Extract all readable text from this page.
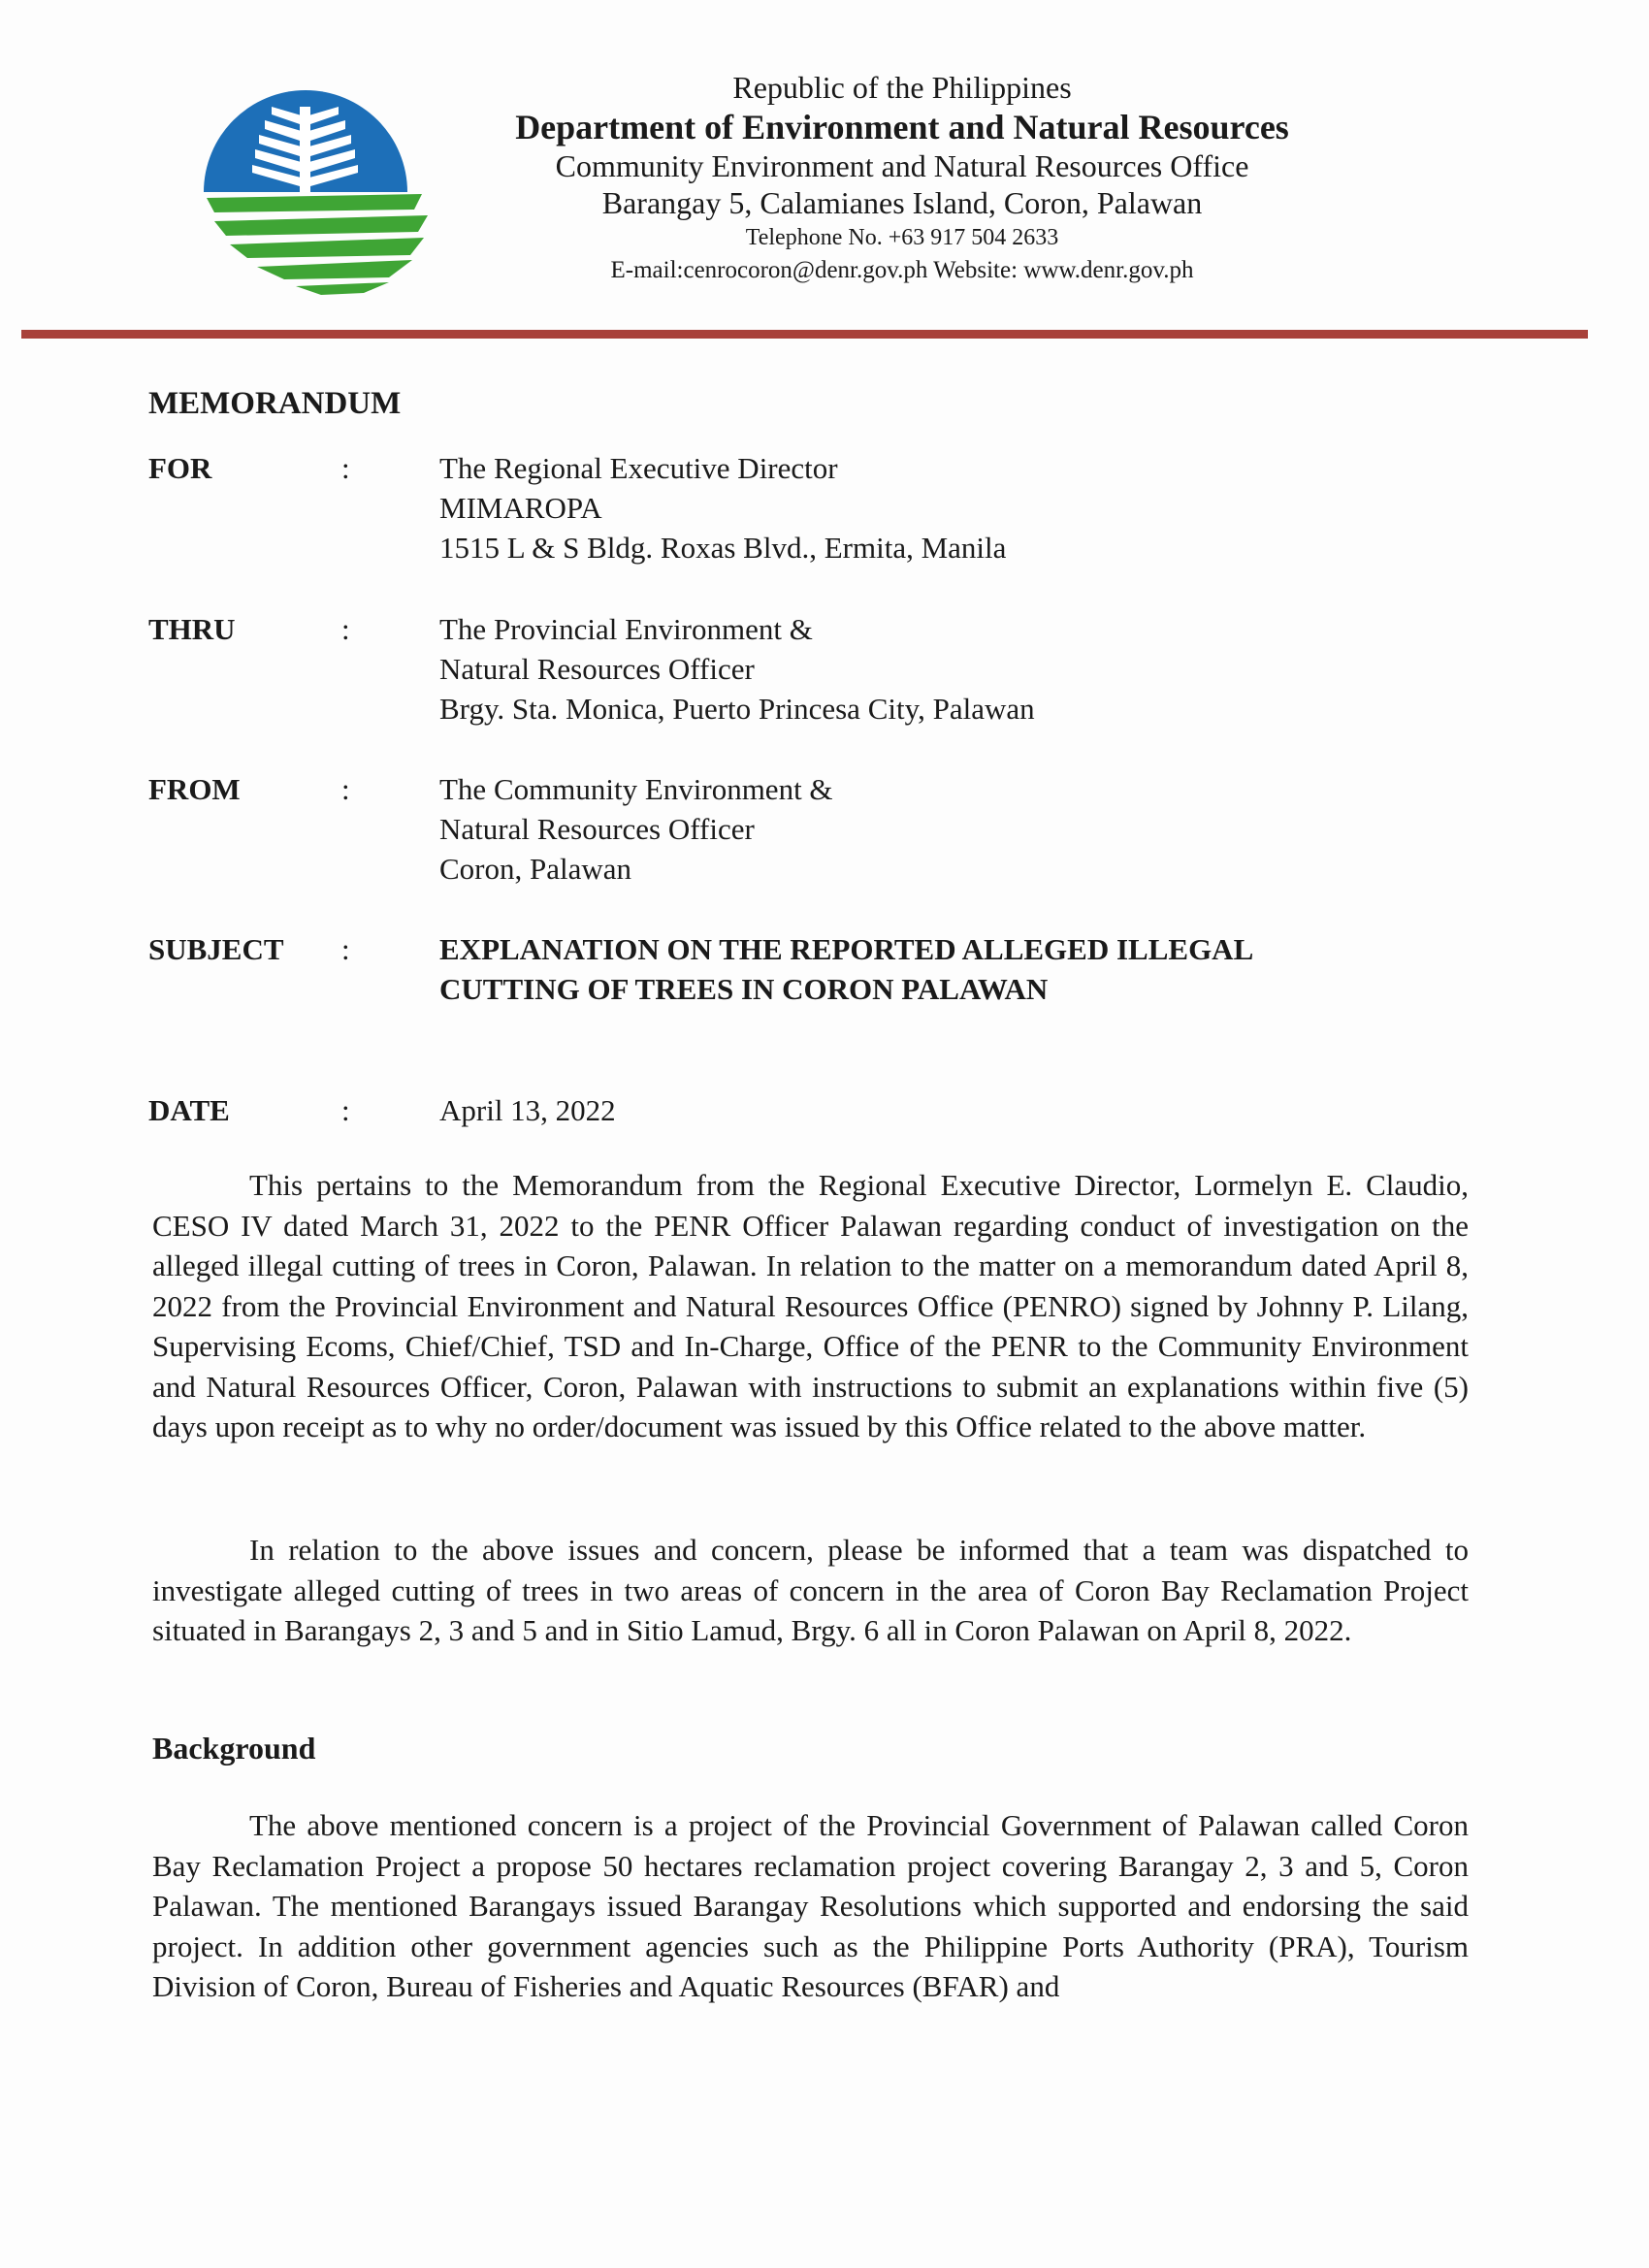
Republic of the Philippines
Department of Environment and Natural Resources
Community Environment and Natural Resources Office
Barangay 5, Calamianes Island, Coron, Palawan
Telephone No. +63 917 504 2633
E-mail:cenrocoron@denr.gov.ph Website: www.denr.gov.ph
MEMORANDUM
FOR	:	The Regional Executive Director
MIMAROPA
1515 L & S Bldg. Roxas Blvd., Ermita, Manila
THRU	:	The Provincial Environment &
Natural Resources Officer
Brgy. Sta. Monica, Puerto Princesa City, Palawan
FROM	:	The Community Environment &
Natural Resources Officer
Coron, Palawan
SUBJECT :	EXPLANATION ON THE REPORTED ALLEGED ILLEGAL
CUTTING OF TREES IN CORON PALAWAN
DATE	:	April 13, 2022

This pertains to the Memorandum from the Regional Executive Director, Lormelyn E. Claudio, CESO IV dated March 31, 2022 to the PENR Officer Palawan regarding conduct of investigation on the alleged illegal cutting of trees in Coron, Palawan. In relation to the matter on a memorandum dated April 8, 2022 from the Provincial Environment and Natural Resources Office (PENRO) signed by Johnny P. Lilang, Supervising Ecoms, Chief/Chief, TSD and In-Charge, Office of the PENR to the Community Environment and Natural Resources Officer, Coron, Palawan with instructions to submit an explanations within five (5) days upon receipt as to why no order/document was issued by this Office related to the above matter.

In relation to the above issues and concern, please be informed that a team was dispatched to investigate alleged cutting of trees in two areas of concern in the area of Coron Bay Reclamation Project situated in Barangays 2, 3 and 5 and in Sitio Lamud, Brgy. 6 all in Coron Palawan on April 8, 2022.

Background

The above mentioned concern is a project of the Provincial Government of Palawan called Coron Bay Reclamation Project a propose 50 hectares reclamation project covering Barangay 2, 3 and 5, Coron Palawan. The mentioned Barangays issued Barangay Resolutions which supported and endorsing the said project. In addition other government agencies such as the Philippine Ports Authority (PRA), Tourism Division of Coron, Bureau of Fisheries and Aquatic Resources (BFAR) and
